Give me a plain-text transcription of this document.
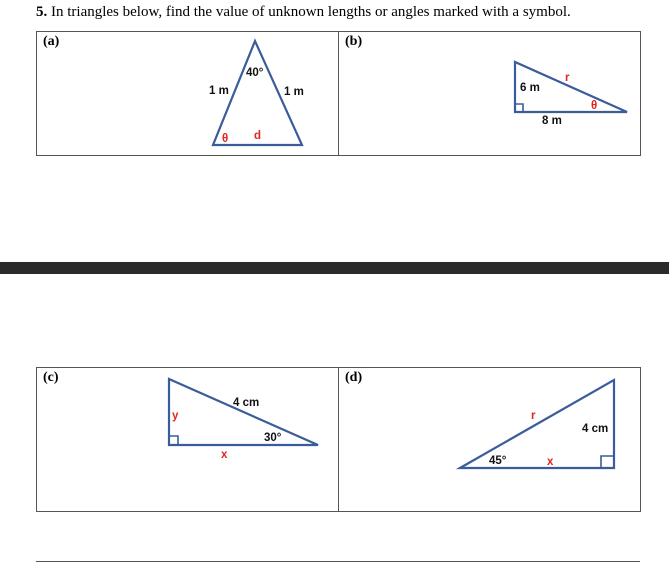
5. In triangles below, find the value of unknown lengths or angles marked with a symbol.
(a)
40°
1 m	1 m
θ d
(b)
6 m
r
θ
8 m
(c)
4 cm
y
30°
x
(d)
r
4 cm
45°	x
